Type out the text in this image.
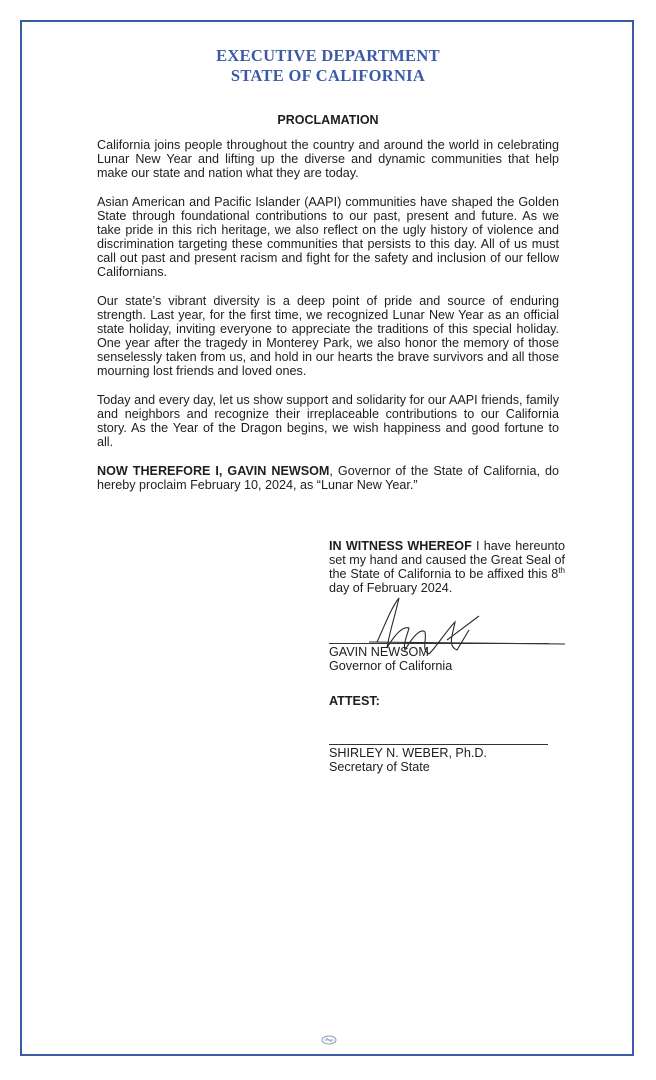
EXECUTIVE DEPARTMENT
STATE OF CALIFORNIA
PROCLAMATION

California joins people throughout the country and around the world in celebrating Lunar New Year and lifting up the diverse and dynamic communities that help make our state and nation what they are today.

Asian American and Pacific Islander (AAPI) communities have shaped the Golden State through foundational contributions to our past, present and future. As we take pride in this rich heritage, we also reflect on the ugly history of violence and discrimination targeting these communities that persists to this day. All of us must call out past and present racism and fight for the safety and inclusion of our fellow Californians.

Our state’s vibrant diversity is a deep point of pride and source of enduring strength. Last year, for the first time, we recognized Lunar New Year as an official state holiday, inviting everyone to appreciate the traditions of this special holiday. One year after the tragedy in Monterey Park, we also honor the memory of those senselessly taken from us, and hold in our hearts the brave survivors and all those mourning lost friends and loved ones.

Today and every day, let us show support and solidarity for our AAPI friends, family and neighbors and recognize their irreplaceable contributions to our California story. As the Year of the Dragon begins, we wish happiness and good fortune to all.

NOW THEREFORE I, GAVIN NEWSOM, Governor of the State of California, do hereby proclaim February 10, 2024, as “Lunar New Year.”

IN WITNESS WHEREOF I have hereunto set my hand and caused the Great Seal of the State of California to be affixed this 8th day of February 2024.
GAVIN NEWSOM
Governor of California
ATTEST:
SHIRLEY N. WEBER, Ph.D.
Secretary of State
